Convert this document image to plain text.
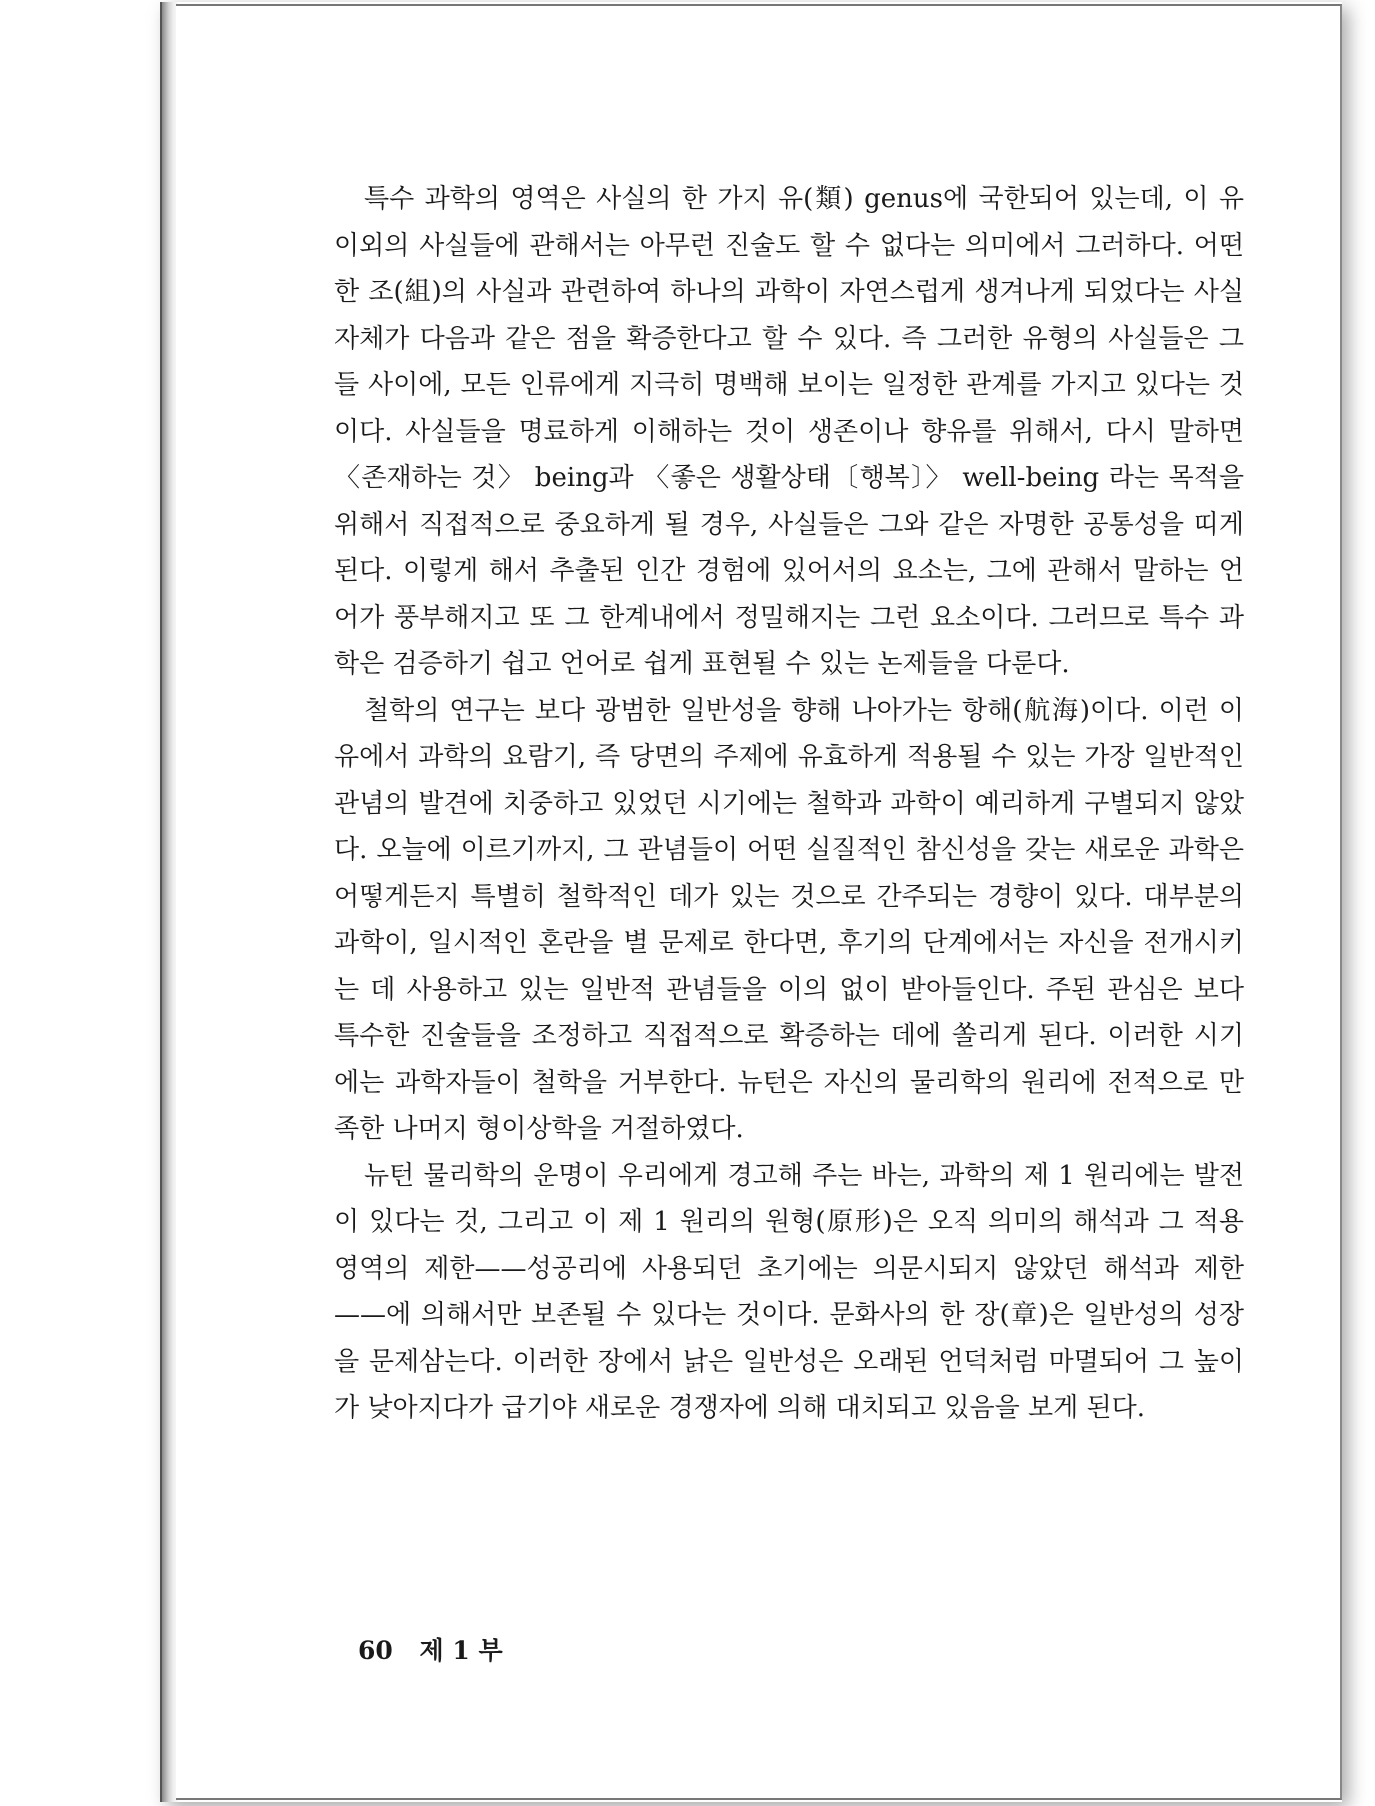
특수 과학의 영역은 사실의 한 가지 유(類) genus에 국한되어 있는데, 이 유 이외의 사실들에 관해서는 아무런 진술도 할 수 없다는 의미에서 그러하다. 어떤 한 조(組)의 사실과 관련하여 하나의 과학이 자연스럽게 생겨나게 되었다는 사실 자체가 다음과 같은 점을 확증한다고 할 수 있다. 즉 그러한 유형의 사실들은 그들 사이에, 모든 인류에게 지극히 명백해 보이는 일정한 관계를 가지고 있다는 것이다. 사실들을 명료하게 이해하는 것이 생존이나 향유를 위해서, 다시 말하면 〈존재하는 것〉 being과 〈좋은 생활상태〔행복〕〉 well-being 라는 목적을 위해서 직접적으로 중요하게 될 경우, 사실들은 그와 같은 자명한 공통성을 띠게 된다. 이렇게 해서 추출된 인간 경험에 있어서의 요소는, 그에 관해서 말하는 언어가 풍부해지고 또 그 한계내에서 정밀해지는 그런 요소이다. 그러므로 특수 과학은 검증하기 쉽고 언어로 쉽게 표현될 수 있는 논제들을 다룬다.

철학의 연구는 보다 광범한 일반성을 향해 나아가는 항해(航海)이다. 이런 이유에서 과학의 요람기, 즉 당면의 주제에 유효하게 적용될 수 있는 가장 일반적인 관념의 발견에 치중하고 있었던 시기에는 철학과 과학이 예리하게 구별되지 않았다. 오늘에 이르기까지, 그 관념들이 어떤 실질적인 참신성을 갖는 새로운 과학은 어떻게든지 특별히 철학적인 데가 있는 것으로 간주되는 경향이 있다. 대부분의 과학이, 일시적인 혼란을 별 문제로 한다면, 후기의 단계에서는 자신을 전개시키는 데 사용하고 있는 일반적 관념들을 이의 없이 받아들인다. 주된 관심은 보다 특수한 진술들을 조정하고 직접적으로 확증하는 데에 쏠리게 된다. 이러한 시기에는 과학자들이 철학을 거부한다. 뉴턴은 자신의 물리학의 원리에 전적으로 만족한 나머지 형이상학을 거절하였다.

뉴턴 물리학의 운명이 우리에게 경고해 주는 바는, 과학의 제 1 원리에는 발전이 있다는 것, 그리고 이 제 1 원리의 원형(原形)은 오직 의미의 해석과 그 적용 영역의 제한——성공리에 사용되던 초기에는 의문시되지 않았던 해석과 제한——에 의해서만 보존될 수 있다는 것이다. 문화사의 한 장(章)은 일반성의 성장을 문제삼는다. 이러한 장에서 낡은 일반성은 오래된 언덕처럼 마멸되어 그 높이가 낮아지다가 급기야 새로운 경쟁자에 의해 대치되고 있음을 보게 된다.

60 제 1 부
